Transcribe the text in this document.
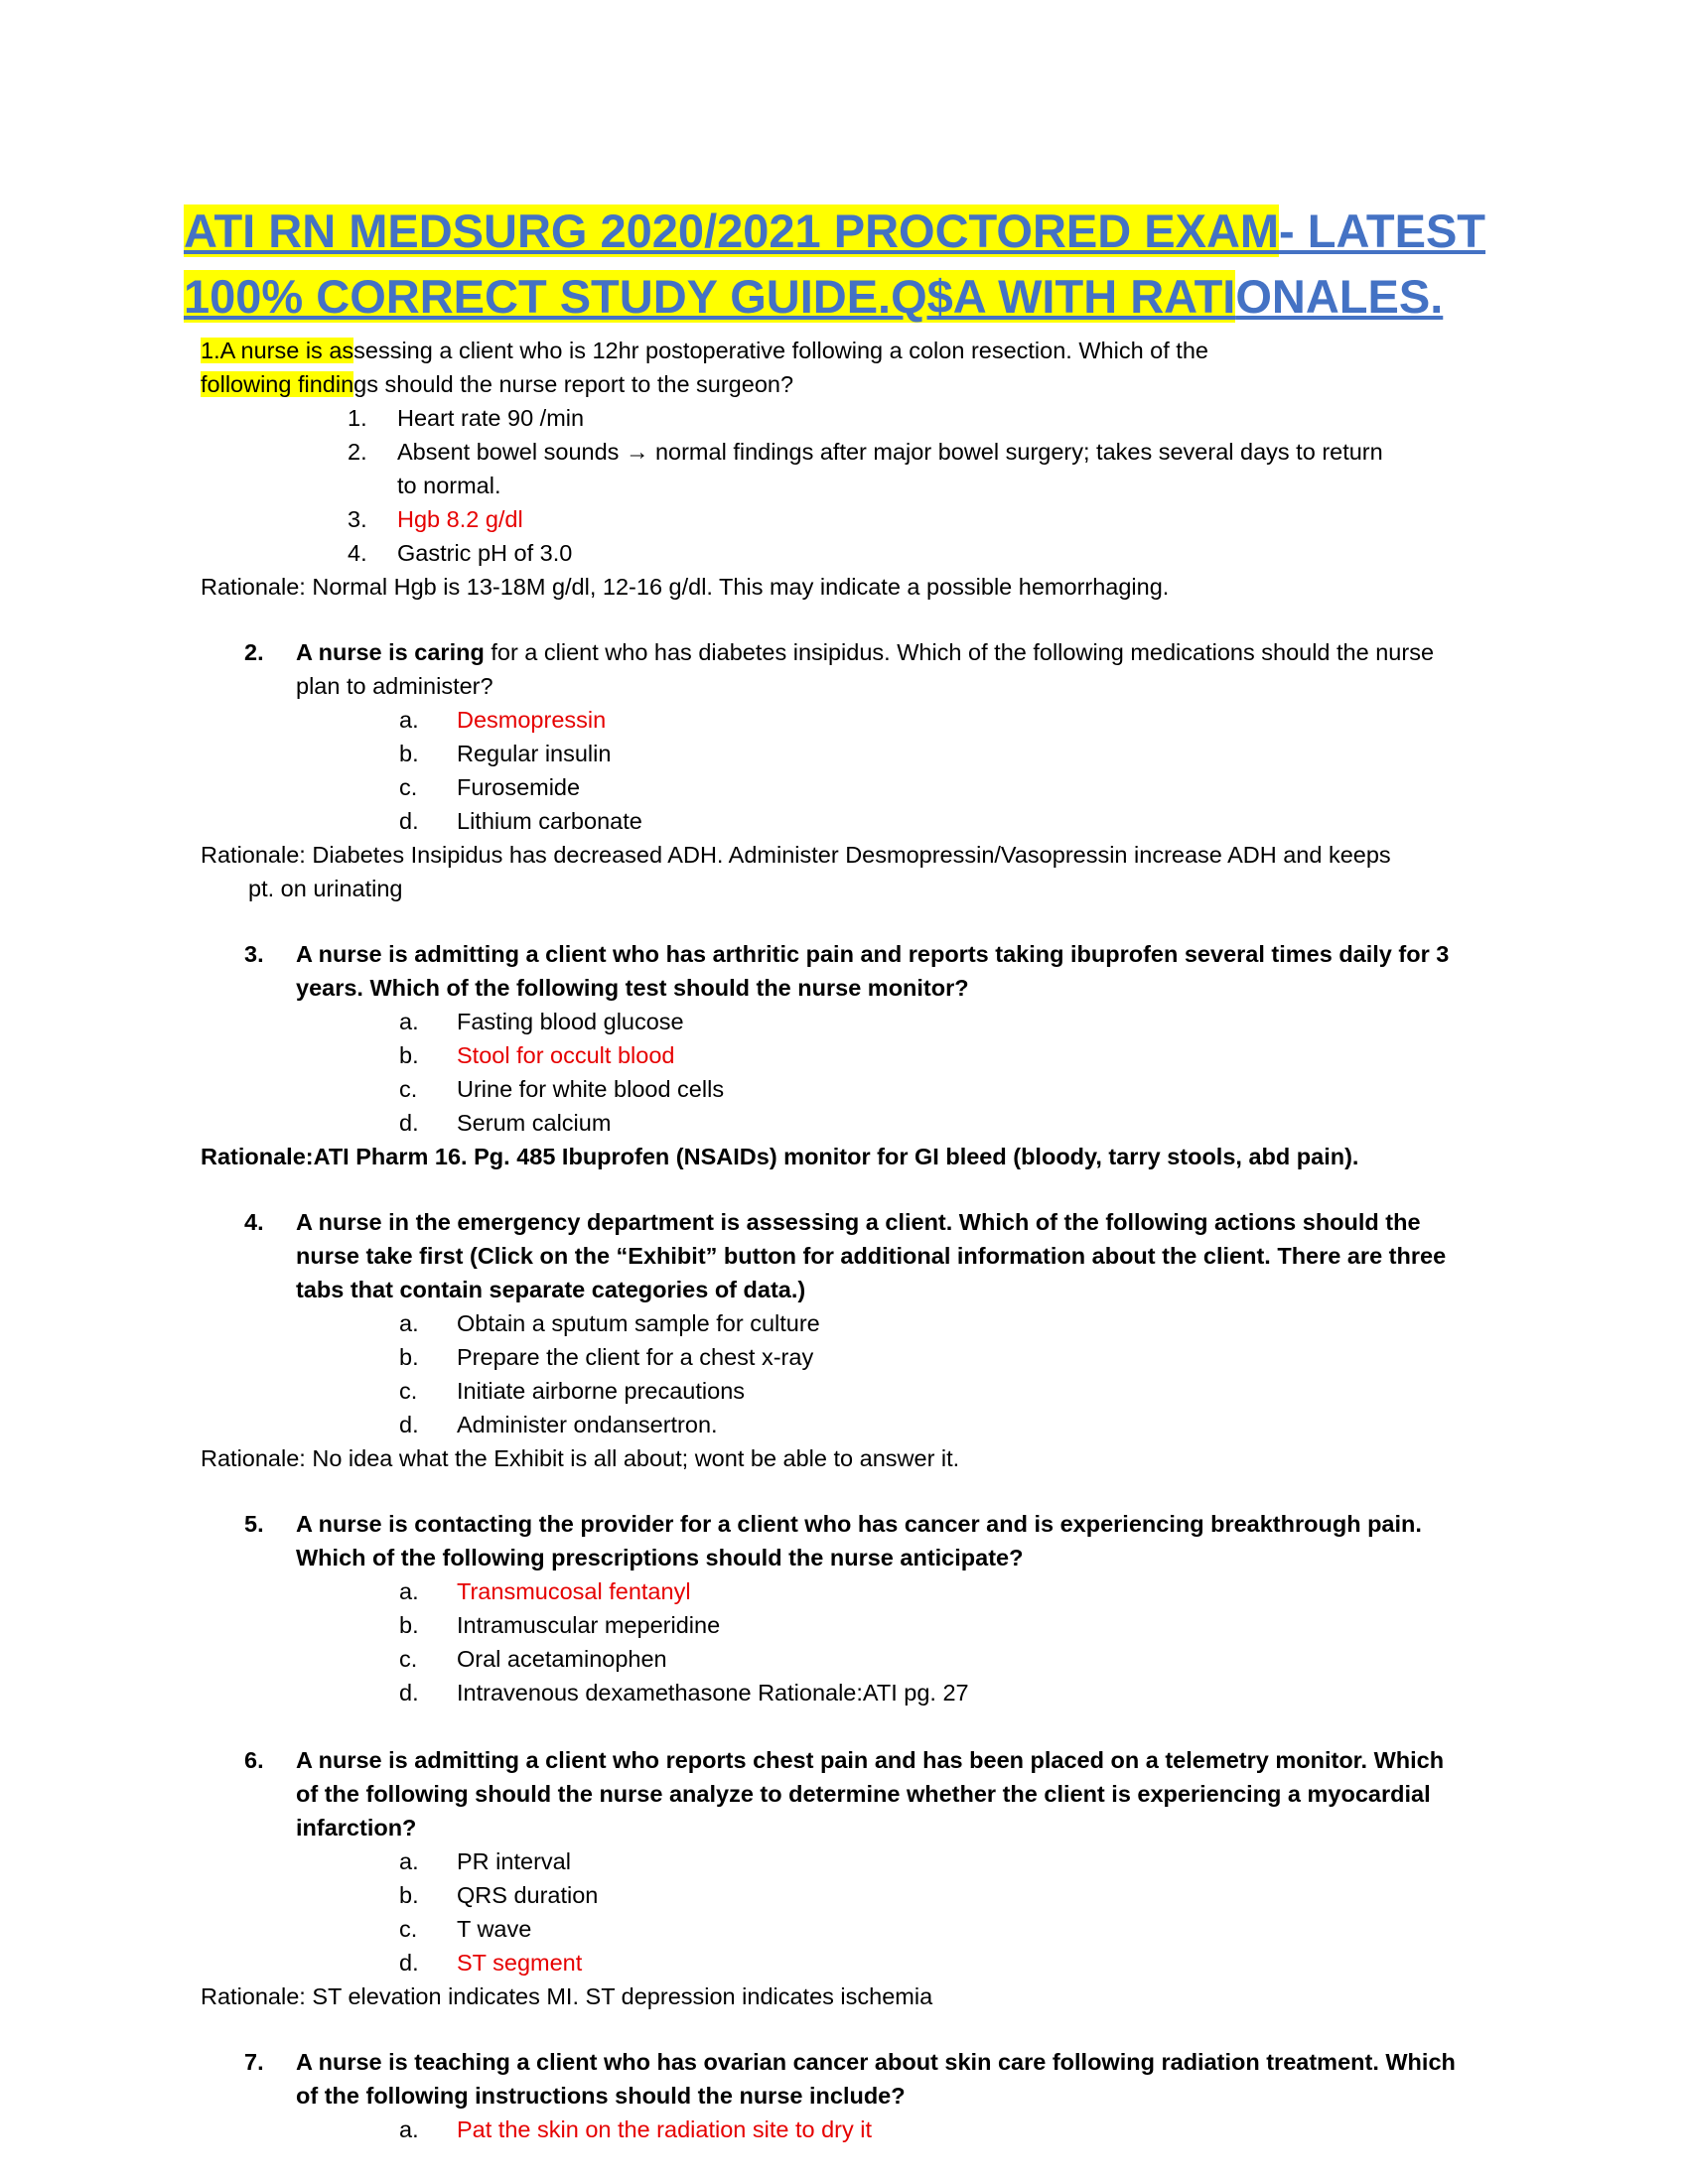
ATI RN MEDSURG 2020/2021 PROCTORED EXAM- LATEST
100% CORRECT STUDY GUIDE.Q$A WITH RATIONALES.
1.A nurse is assessing a client who is 12hr postoperative following a colon resection. Which of the
following findings should the nurse report to the surgeon?
1.	Heart rate 90 /min
2.	Absent bowel sounds → normal findings after major bowel surgery; takes several days to return
to normal.
3.	Hgb 8.2 g/dl
4.	Gastric pH of 3.0
Rationale: Normal Hgb is 13-18M g/dl, 12-16 g/dl. This may indicate a possible hemorrhaging.
2.	A nurse is caring for a client who has diabetes insipidus. Which of the following medications should the nurse plan to administer?
a.	Desmopressin
b.	Regular insulin
c.	Furosemide
d.	Lithium carbonate
Rationale: Diabetes Insipidus has decreased ADH. Administer Desmopressin/Vasopressin increase ADH and keeps
pt. on urinating
3.	A nurse is admitting a client who has arthritic pain and reports taking ibuprofen several times daily for 3 years. Which of the following test should the nurse monitor?
a.	Fasting blood glucose
b.	Stool for occult blood
c.	Urine for white blood cells
d.	Serum calcium
Rationale:ATI Pharm 16. Pg. 485 Ibuprofen (NSAIDs) monitor for GI bleed (bloody, tarry stools, abd pain).
4.	A nurse in the emergency department is assessing a client. Which of the following actions should the nurse take first (Click on the “Exhibit” button for additional information about the client. There are three tabs that contain separate categories of data.)
a.	Obtain a sputum sample for culture
b.	Prepare the client for a chest x-ray
c.	Initiate airborne precautions
d.	Administer ondansertron.
Rationale: No idea what the Exhibit is all about; wont be able to answer it.
5.	A nurse is contacting the provider for a client who has cancer and is experiencing breakthrough pain. Which of the following prescriptions should the nurse anticipate?
a.	Transmucosal fentanyl
b.	Intramuscular meperidine
c.	Oral acetaminophen
d.	Intravenous dexamethasone Rationale:ATI pg. 27
6.	A nurse is admitting a client who reports chest pain and has been placed on a telemetry monitor. Which of the following should the nurse analyze to determine whether the client is experiencing a myocardial infarction?
a.	PR interval
b.	QRS duration
c.	T wave
d.	ST segment
Rationale: ST elevation indicates MI. ST depression indicates ischemia
7.	A nurse is teaching a client who has ovarian cancer about skin care following radiation treatment. Which of the following instructions should the nurse include?
a.	Pat the skin on the radiation site to dry it
